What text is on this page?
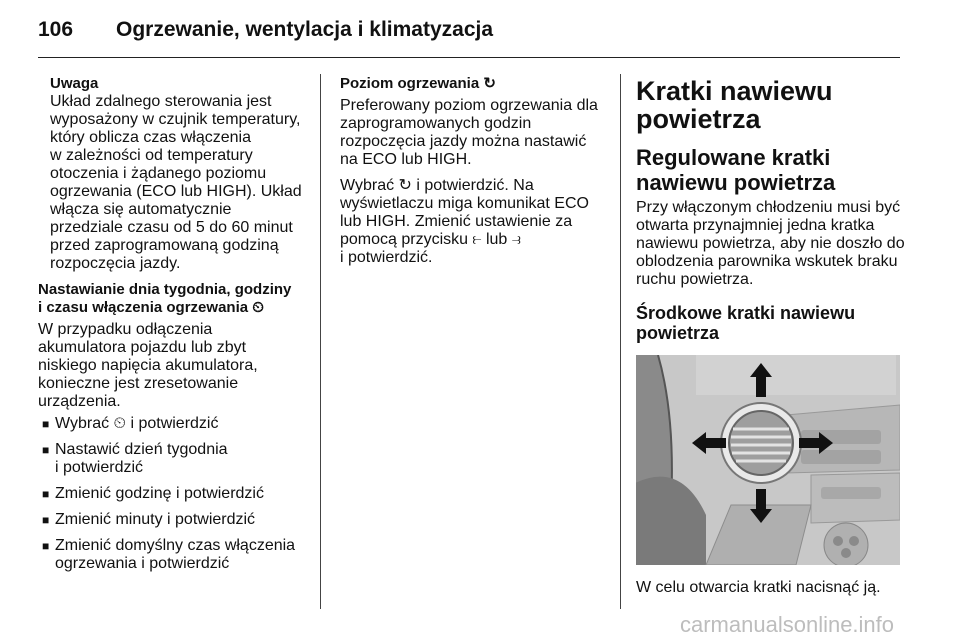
106 Ogrzewanie, wentylacja i klimatyzacja
Uwaga
Układ zdalnego sterowania jest
wyposażony w czujnik temperatury,
który oblicza czas włączenia
w zależności od temperatury
otoczenia i żądanego poziomu
ogrzewania (ECO lub HIGH). Układ
włącza się automatycznie
przedziale czasu od 5 do 60 minut
przed zaprogramowaną godziną
rozpoczęcia jazdy.
Nastawianie dnia tygodnia, godziny
i czasu włączenia ogrzewania ⏲
W przypadku odłączenia
akumulatora pojazdu lub zbyt
niskiego napięcia akumulatora,
konieczne jest zresetowanie
urządzenia.
■ Wybrać ⏲ i potwierdzić
■ Nastawić dzień tygodnia
i potwierdzić
■ Zmienić godzinę i potwierdzić
■ Zmienić minuty i potwierdzić
■ Zmienić domyślny czas włączenia
ogrzewania i potwierdzić
Poziom ogrzewania ↻
Preferowany poziom ogrzewania dla
zaprogramowanych godzin
rozpoczęcia jazdy można nastawić
na ECO lub HIGH.
Wybrać ↻ i potwierdzić. Na
wyświetlaczu miga komunikat ECO
lub HIGH. Zmienić ustawienie za
pomocą przycisku ⥼ lub ⥽
i potwierdzić.
Kratki nawiewu
powietrza
Regulowane kratki
nawiewu powietrza
Przy włączonym chłodzeniu musi być
otwarta przynajmniej jedna kratka
nawiewu powietrza, aby nie doszło do
oblodzenia parownika wskutek braku
ruchu powietrza.
Środkowe kratki nawiewu
powietrza
W celu otwarcia kratki nacisnąć ją.
carmanualsonline.info
